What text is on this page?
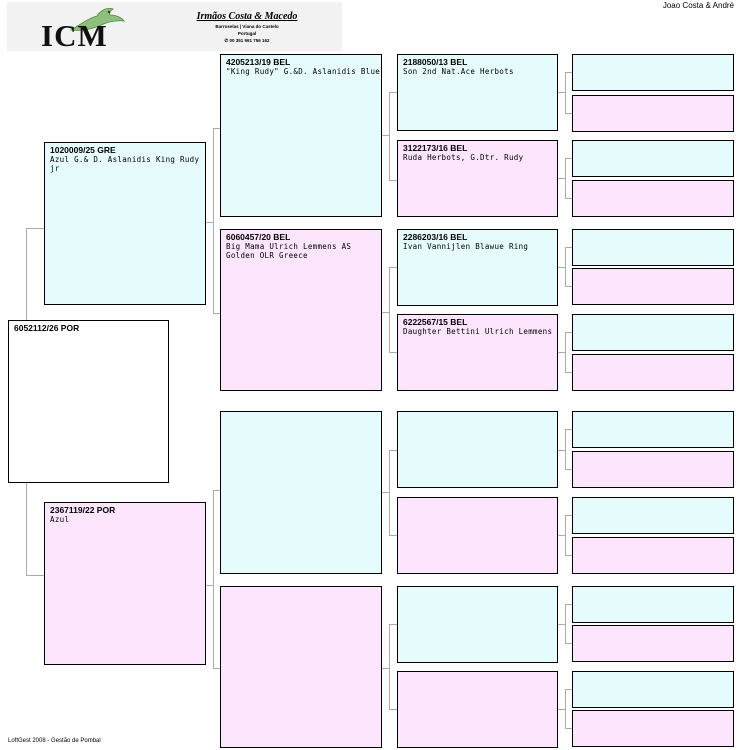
ICM
Irmãos Costa & Macedo
Barroselas | Viana do Castelo
Portugal
✆ 00 351 961 756 162
Joao Costa & André
6052112/26 POR
1020009/25 GRE
Azul G.& D. Aslanidis King Rudy jr
2367119/22 POR
Azul
4205213/19 BEL
"King Rudy" G.&D. Aslanidis Blue
6060457/20 BEL
Big Mama Ulrich Lemmens AS Golden OLR Greece
2188050/13 BEL
Son 2nd Nat.Ace Herbots
3122173/16 BEL
Ruda Herbots, G.Dtr. Rudy
2286203/16 BEL
Ivan Vannijlen Blawue Ring
6222567/15 BEL
Daughter Bettini Ulrich Lemmens
LoftGest 2008 - Gestão de Pombal
